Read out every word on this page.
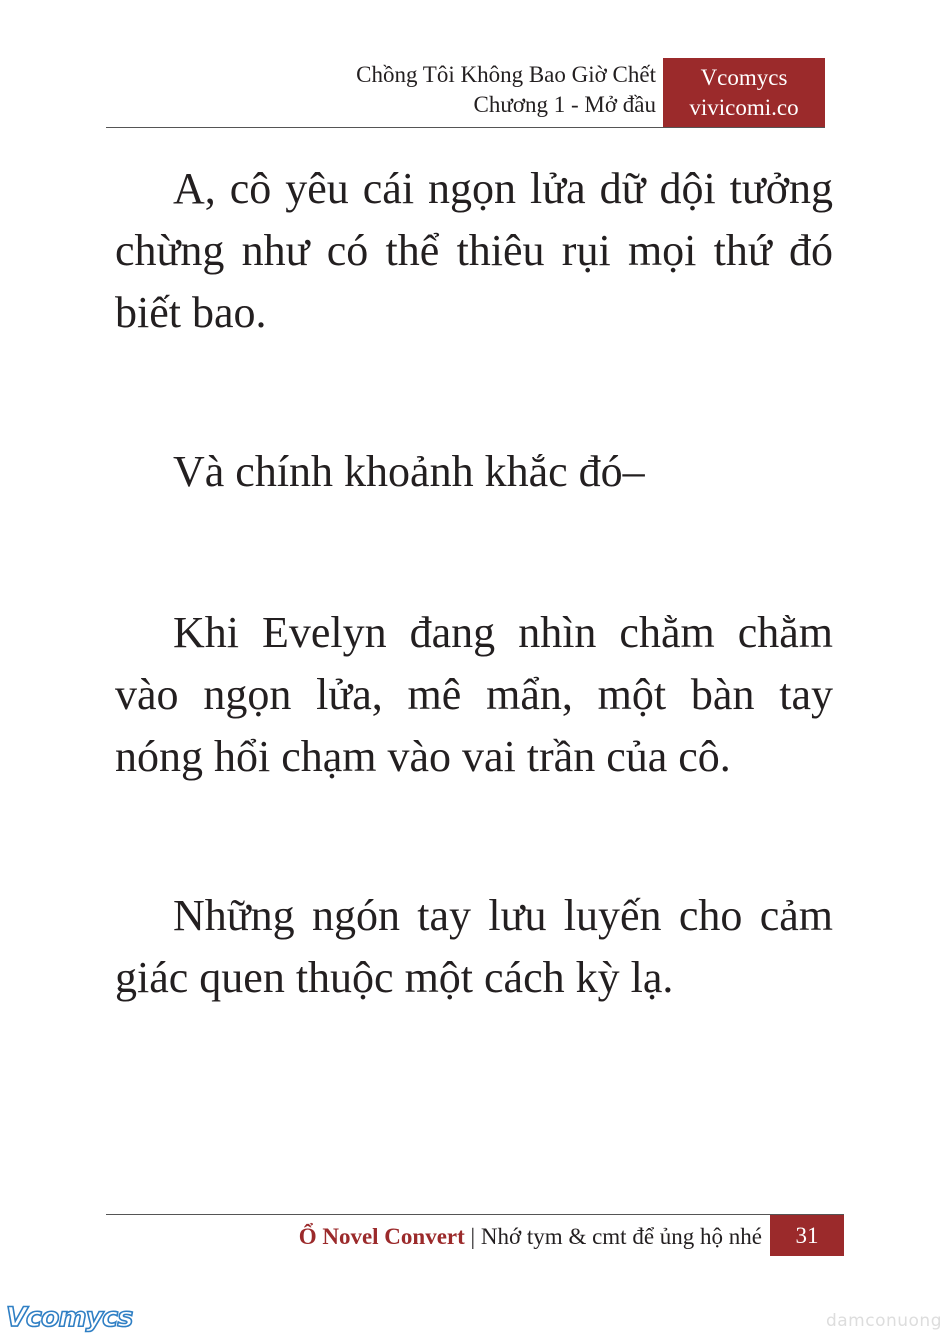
Chồng Tôi Không Bao Giờ Chết
Chương 1 - Mở đầu
Vcomycs
vivicomi.co

A, cô yêu cái ngọn lửa dữ dội tưởng chừng như có thể thiêu rụi mọi thứ đó biết bao.

Và chính khoảnh khắc đó–

Khi Evelyn đang nhìn chằm chằm vào ngọn lửa, mê mẩn, một bàn tay nóng hổi chạm vào vai trần của cô.

Những ngón tay lưu luyến cho cảm giác quen thuộc một cách kỳ lạ.

Ổ Novel Convert | Nhớ tym & cmt để ủng hộ nhé	31
Vcomycs	damconuong
